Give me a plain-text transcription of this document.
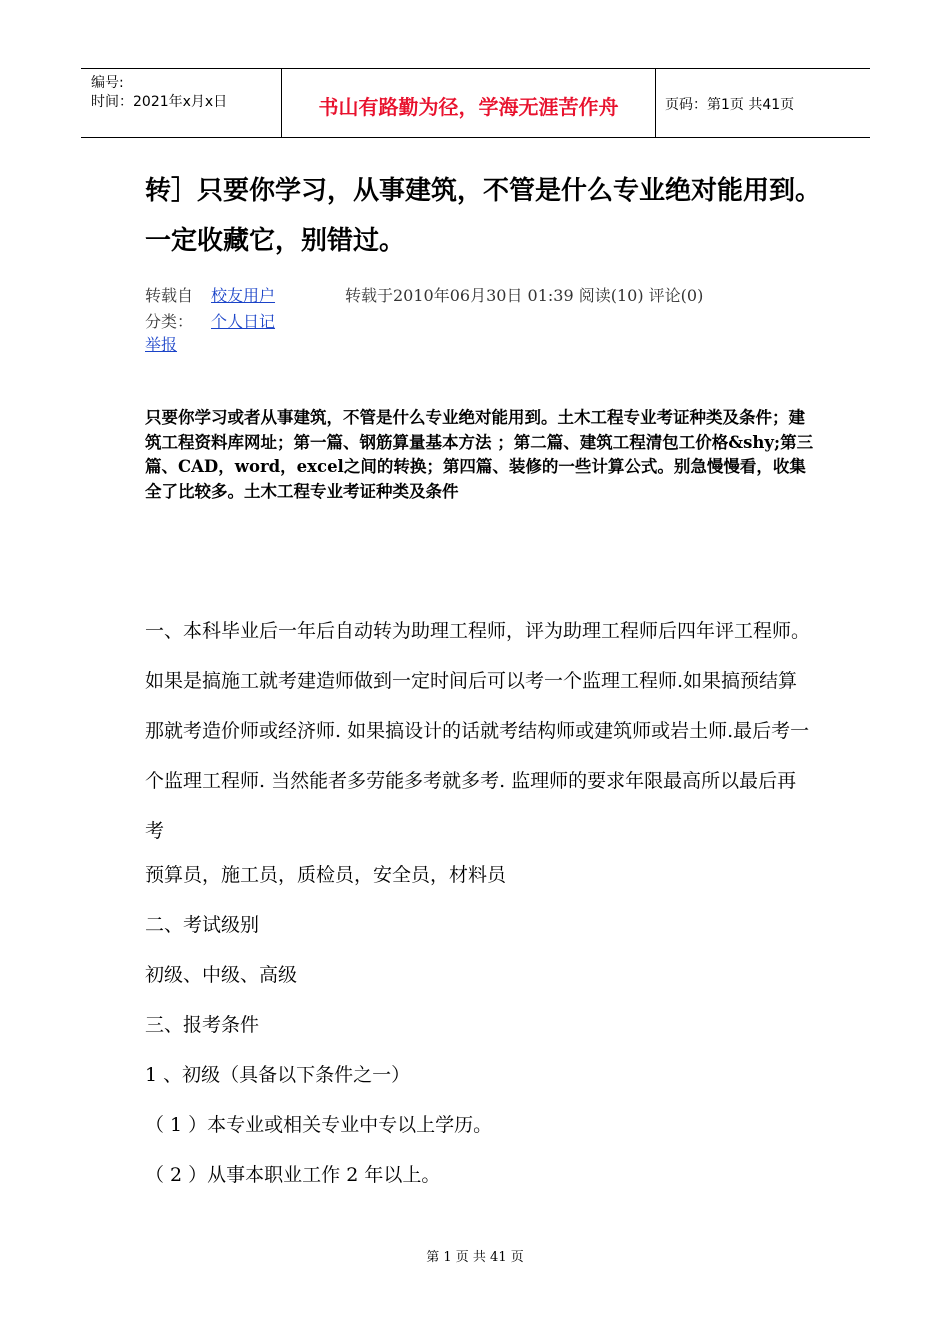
编号:
时间：2021年x月x日	书山有路勤为径，学海无涯苦作舟	页码：第1页 共41页
转］只要你学习，从事建筑，不管是什么专业绝对能用到。一定收藏它，别错过。
转载自 校友用户	转载于2010年06月30日 01:39 阅读(10) 评论(0)
分类： 个人日记
举报
只要你学习或者从事建筑，不管是什么专业绝对能用到。土木工程专业考证种类及条件；建筑工程资料库网址；第一篇、钢筋算量基本方法 ；第二篇、建筑工程清包工价格&shy;第三篇、CAD，word，excel之间的转换；第四篇、装修的一些计算公式。别急慢慢看，收集全了比较多。土木工程专业考证种类及条件
一、本科毕业后一年后自动转为助理工程师，评为助理工程师后四年评工程师。如果是搞施工就考建造师做到一定时间后可以考一个监理工程师.如果搞预结算那就考造价师或经济师. 如果搞设计的话就考结构师或建筑师或岩土师.最后考一个监理工程师. 当然能者多劳能多考就多考. 监理师的要求年限最高所以最后再考
预算员，施工员，质检员，安全员，材料员
二、考试级别
初级、中级、高级
三、报考条件
1 、初级（具备以下条件之一）
（ 1 ）本专业或相关专业中专以上学历。
（ 2 ）从事本职业工作 2 年以上。
第 1 页 共 41 页
